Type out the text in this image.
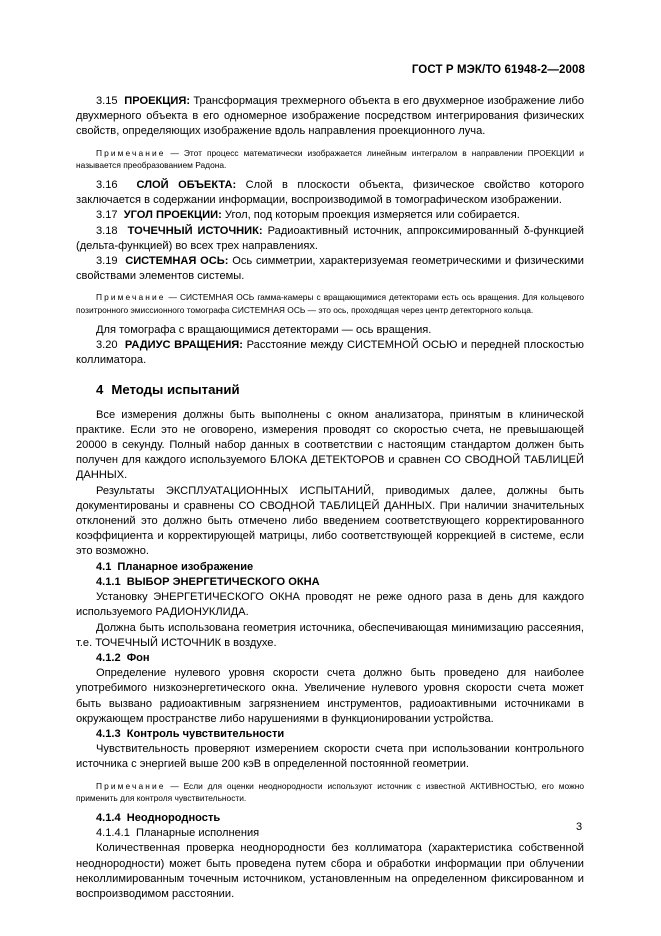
ГОСТ Р МЭК/ТО 61948-2—2008

3.15 ПРОЕКЦИЯ: Трансформация трехмерного объекта в его двухмерное изображение либо двухмерного объекта в его одномерное изображение посредством интегрирования физических свойств, определяющих изображение вдоль направления проекционного луча.

Примечание — Этот процесс математически изображается линейным интегралом в направлении ПРОЕКЦИИ и называется преобразованием Радона.

3.16 СЛОЙ ОБЪЕКТА: Слой в плоскости объекта, физическое свойство которого заключается в содержании информации, воспроизводимой в томографическом изображении.

3.17 УГОЛ ПРОЕКЦИИ: Угол, под которым проекция измеряется или собирается.

3.18 ТОЧЕЧНЫЙ ИСТОЧНИК: Радиоактивный источник, аппроксимированный δ-функцией (дельта-функцией) во всех трех направлениях.

3.19 СИСТЕМНАЯ ОСЬ: Ось симметрии, характеризуемая геометрическими и физическими свойствами элементов системы.

Примечание — СИСТЕМНАЯ ОСЬ гамма-камеры с вращающимися детекторами есть ось вращения. Для кольцевого позитронного эмиссионного томографа СИСТЕМНАЯ ОСЬ — это ось, проходящая через центр детекторного кольца.

Для томографа с вращающимися детекторами — ось вращения.

3.20 РАДИУС ВРАЩЕНИЯ: Расстояние между СИСТЕМНОЙ ОСЬЮ и передней плоскостью коллиматора.

4 Методы испытаний

Все измерения должны быть выполнены с окном анализатора, принятым в клинической практике. Если это не оговорено, измерения проводят со скоростью счета, не превышающей 20000 в секунду. Полный набор данных в соответствии с настоящим стандартом должен быть получен для каждого используемого БЛОКА ДЕТЕКТОРОВ и сравнен СО СВОДНОЙ ТАБЛИЦЕЙ ДАННЫХ.

Результаты ЭКСПЛУАТАЦИОННЫХ ИСПЫТАНИЙ, приводимых далее, должны быть документированы и сравнены СО СВОДНОЙ ТАБЛИЦЕЙ ДАННЫХ. При наличии значительных отклонений это должно быть отмечено либо введением соответствующего корректированного коэффициента и корректирующей матрицы, либо соответствующей коррекцией в системе, если это возможно.

4.1 Планарное изображение

4.1.1 ВЫБОР ЭНЕРГЕТИЧЕСКОГО ОКНА

Установку ЭНЕРГЕТИЧЕСКОГО ОКНА проводят не реже одного раза в день для каждого используемого РАДИОНУКЛИДА.

Должна быть использована геометрия источника, обеспечивающая минимизацию рассеяния, т.е. ТОЧЕЧНЫЙ ИСТОЧНИК в воздухе.

4.1.2 Фон

Определение нулевого уровня скорости счета должно быть проведено для наиболее употребимого низкоэнергетического окна. Увеличение нулевого уровня скорости счета может быть вызвано радиоактивным загрязнением инструментов, радиоактивными источниками в окружающем пространстве либо нарушениями в функционировании устройства.

4.1.3 Контроль чувствительности

Чувствительность проверяют измерением скорости счета при использовании контрольного источника с энергией выше 200 кэВ в определенной постоянной геометрии.

Примечание — Если для оценки неоднородности используют источник с известной АКТИВНОСТЬЮ, его можно применить для контроля чувствительности.

4.1.4 Неоднородность

4.1.4.1 Планарные исполнения

Количественная проверка неоднородности без коллиматора (характеристика собственной неоднородности) может быть проведена путем сбора и обработки информации при облучении неколлимированным точечным источником, установленным на определенном фиксированном и воспроизводимом расстоянии.

3
